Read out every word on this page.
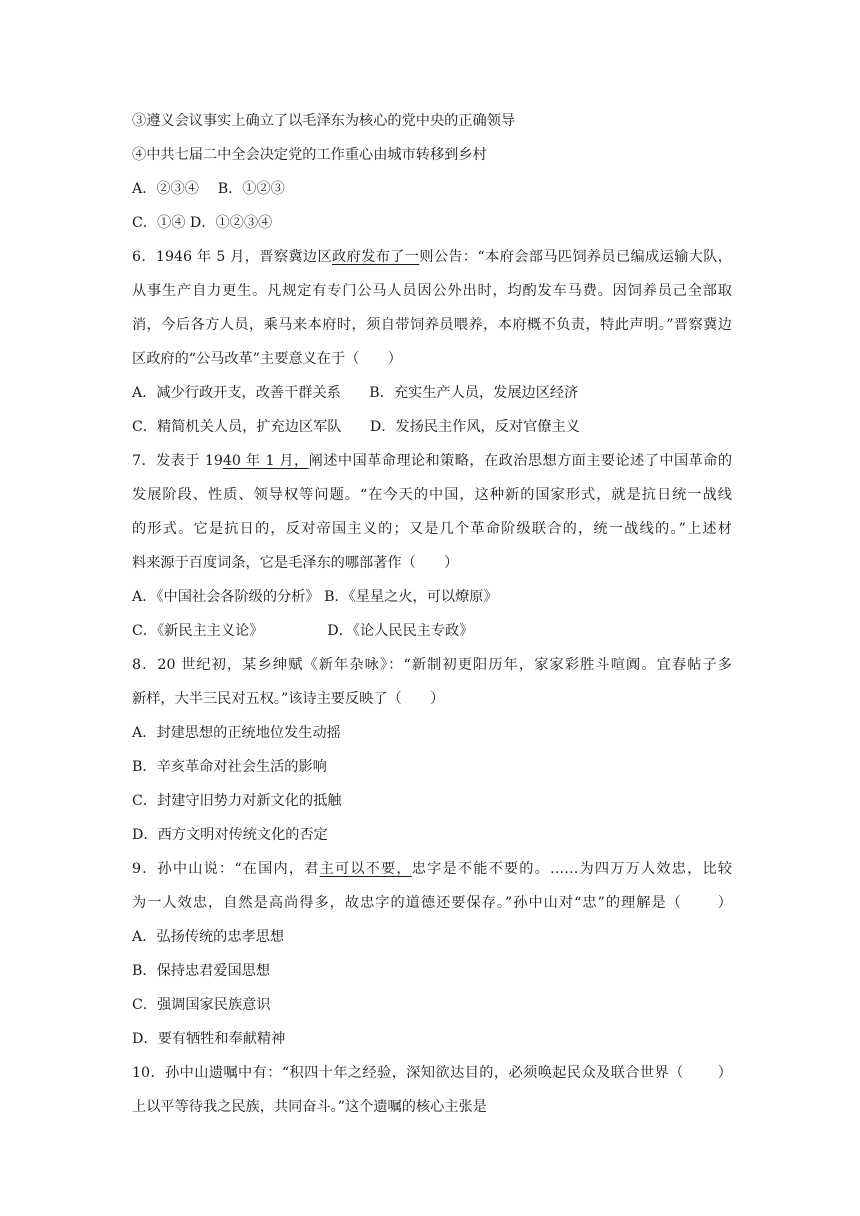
③遵义会议事实上确立了以毛泽东为核心的党中央的正确领导
④中共七届二中全会决定党的工作重心由城市转移到乡村
A．②③④　 B．①②③
C．①④ D．①②③④
6．1946 年 5 月，晋察冀边区政府发布了一则公告：“本府会部马匹饲养员已编成运输大队，
从事生产自力更生。凡规定有专门公马人员因公外出时，均酌发车马费。因饲养员己全部取
消，今后各方人员，乘马来本府时，须自带饲养员喂养，本府概不负责，特此声明。”晋察冀边
区政府的“公马改革”主要意义在于（　　）
A．减少行政开支，改善干群关系　　B．充实生产人员，发展边区经济
C．精简机关人员，扩充边区军队　　D．发扬民主作风，反对官僚主义
7．发表于 1940 年 1 月，阐述中国革命理论和策略，在政治思想方面主要论述了中国革命的
发展阶段、性质、领导权等问题。“在今天的中国，这种新的国家形式，就是抗日统一战线
的形式。它是抗日的，反对帝国主义的；又是几个革命阶级联合的，统一战线的。”上述材
料来源于百度词条，它是毛泽东的哪部著作（　　）
A．《中国社会各阶级的分析》 B．《星星之火，可以燎原》
C．《新民主主义论》　　　　　D．《论人民民主专政》
8．20 世纪初，某乡绅赋《新年杂咏》：“新制初更阳历年，家家彩胜斗喧阗。宜春帖子多
新样，大半三民对五权。”该诗主要反映了（　　）
A．封建思想的正统地位发生动摇
B．辛亥革命对社会生活的影响
C．封建守旧势力对新文化的抵触
D．西方文明对传统文化的否定
9．孙中山说：“在国内，君主可以不要，忠字是不能不要的。……为四万万人效忠，比较
为一人效忠，自然是高尚得多，故忠字的道德还要保存。”孙中山对“忠”的理解是（　　 ）
A．弘扬传统的忠孝思想
B．保持忠君爱国思想
C．强调国家民族意识
D．要有牺牲和奉献精神
10．孙中山遗嘱中有：“积四十年之经验，深知欲达目的，必须唤起民众及联合世界（　　 ）
上以平等待我之民族，共同奋斗。”这个遗嘱的核心主张是
